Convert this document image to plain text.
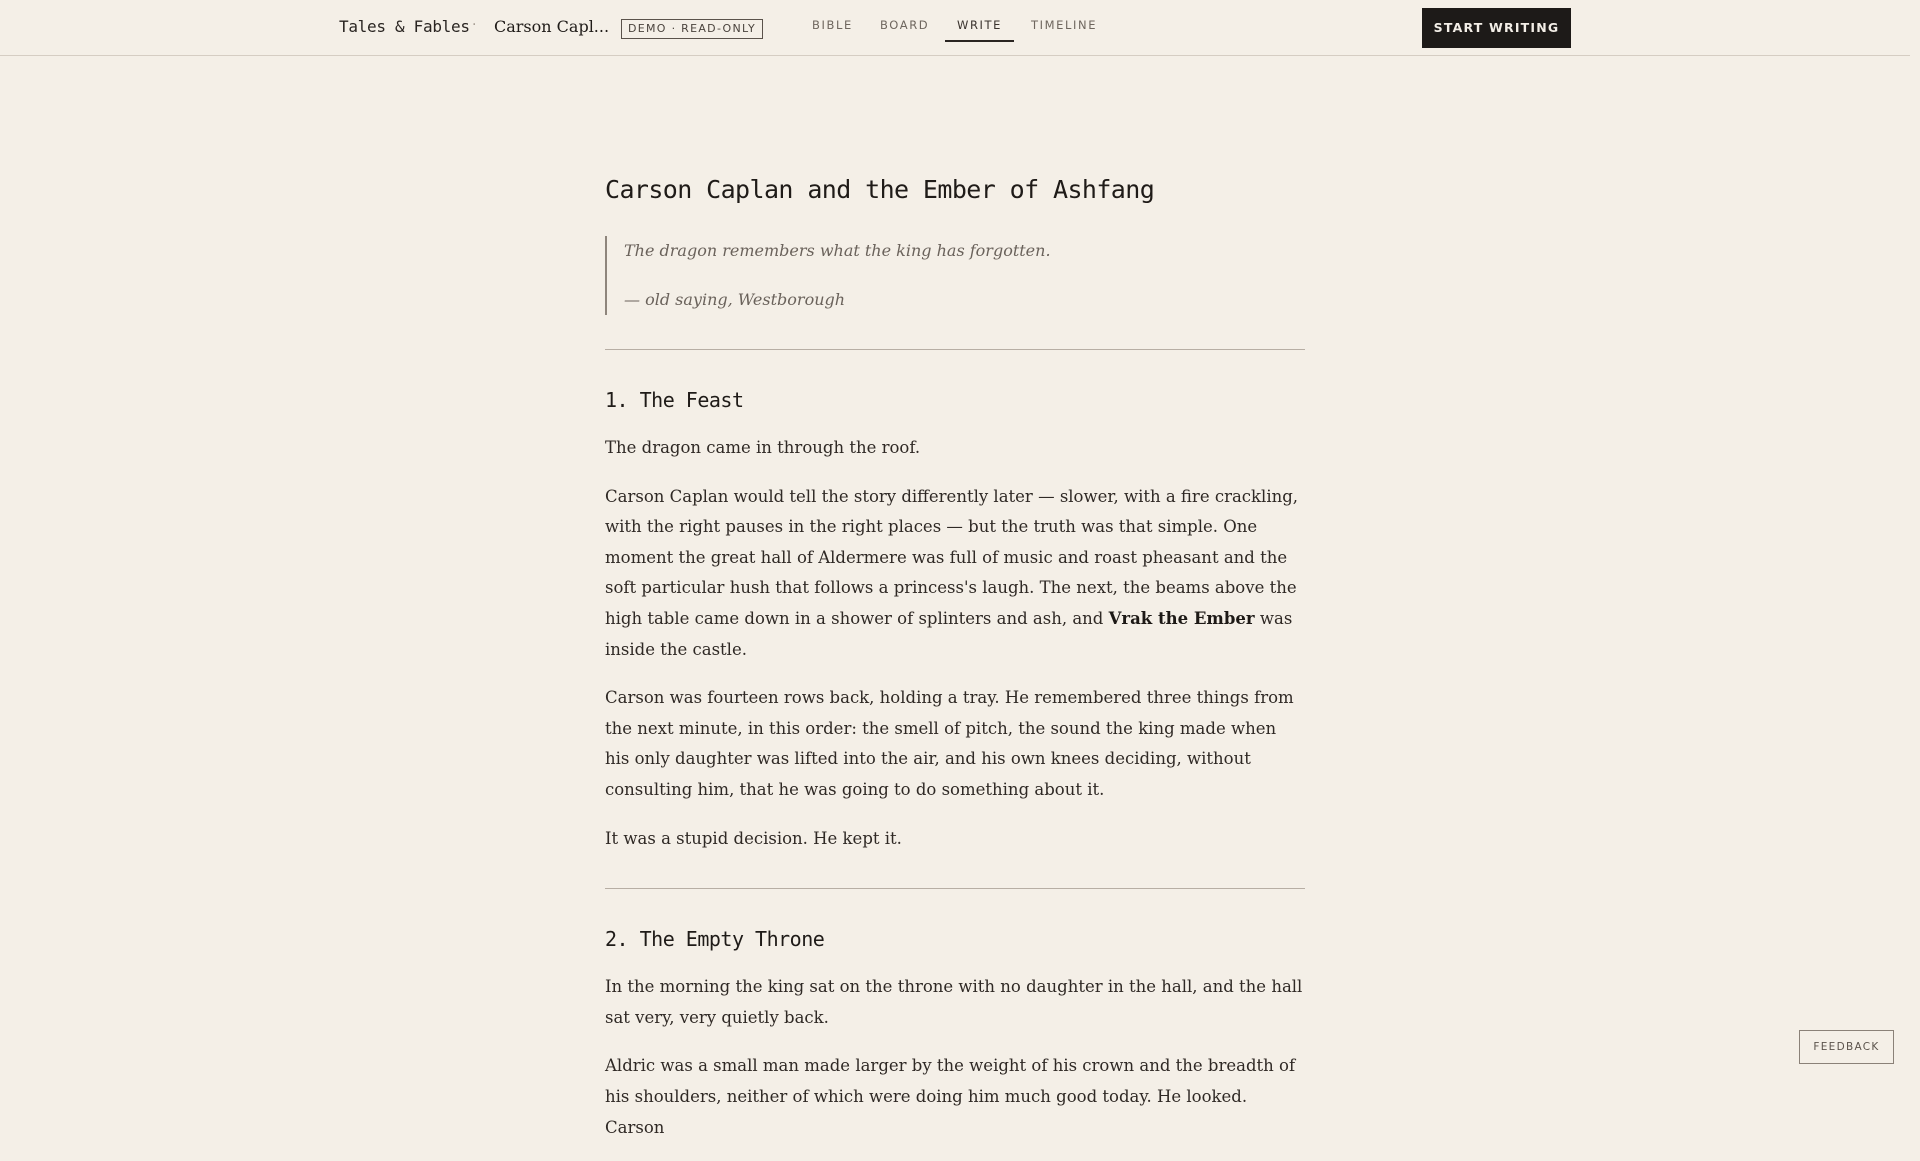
Tales & Fables · Carson Capl...	DEMO · READ-ONLY	BIBLE BOARD WRITE	TIMELINE	START WRITING
Carson Caplan and the Ember of Ashfang

The dragon remembers what the king has forgotten.

— old saying, Westborough

1. The Feast

The dragon came in through the roof.

Carson Caplan would tell the story differently later — slower, with a fire crackling, with the right pauses in the right places — but the truth was that simple. One moment the great hall of Aldermere was full of music and roast pheasant and the soft particular hush that follows a princess's laugh. The next, the beams above the high table came down in a shower of splinters and ash, and Vrak the Ember was inside the castle.

Carson was fourteen rows back, holding a tray. He remembered three things from the next minute, in this order: the smell of pitch, the sound the king made when his only daughter was lifted into the air, and his own knees deciding, without consulting him, that he was going to do something about it.

It was a stupid decision. He kept it.

2. The Empty Throne

In the morning the king sat on the throne with no daughter in the hall, and the hall sat very, very quietly back.

Aldric was a small man made larger by the weight of his crown and the breadth of his shoulders, neither of which were doing him much good today. He looked. Carson

FEEDBACK
